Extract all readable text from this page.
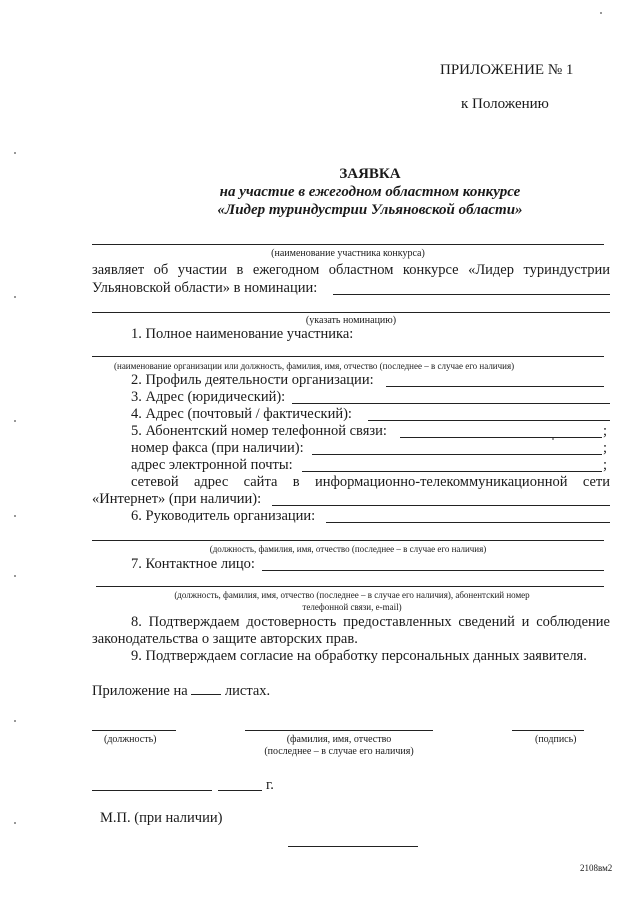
ПРИЛОЖЕНИЕ № 1
к Положению
ЗАЯВКА
на участие в ежегодном областном конкурсе
«Лидер туриндустрии Ульяновской области»
(наименование участника конкурса)
заявляет об участии в ежегодном областном конкурсе «Лидер туриндустрии
Ульяновской области» в номинации:
(указать номинацию)
1. Полное наименование участника:
(наименование организации или должность, фамилия, имя, отчество (последнее – в случае его наличия)
2. Профиль деятельности организации:
3. Адрес (юридический):
4. Адрес (почтовый / фактический):
5. Абонентский номер телефонной связи:	;
номер факса (при наличии):	;
адрес электронной почты:	;
сетевой адрес сайта в информационно-телекоммуникационной сети
«Интернет» (при наличии):
6. Руководитель организации:
(должность, фамилия, имя, отчество (последнее – в случае его наличия)
7. Контактное лицо:
(должность, фамилия, имя, отчество (последнее – в случае его наличия), абонентский номер
телефонной связи, e-mail)
8. Подтверждаем достоверность предоставленных сведений и соблюдение
законодательства о защите авторских прав.
9. Подтверждаем согласие на обработку персональных данных заявителя.
Приложение на	листах.
(должность)	(фамилия, имя, отчество
(последнее – в случае его наличия)
(подпись)
г.
М.П. (при наличии)
2108вм2
